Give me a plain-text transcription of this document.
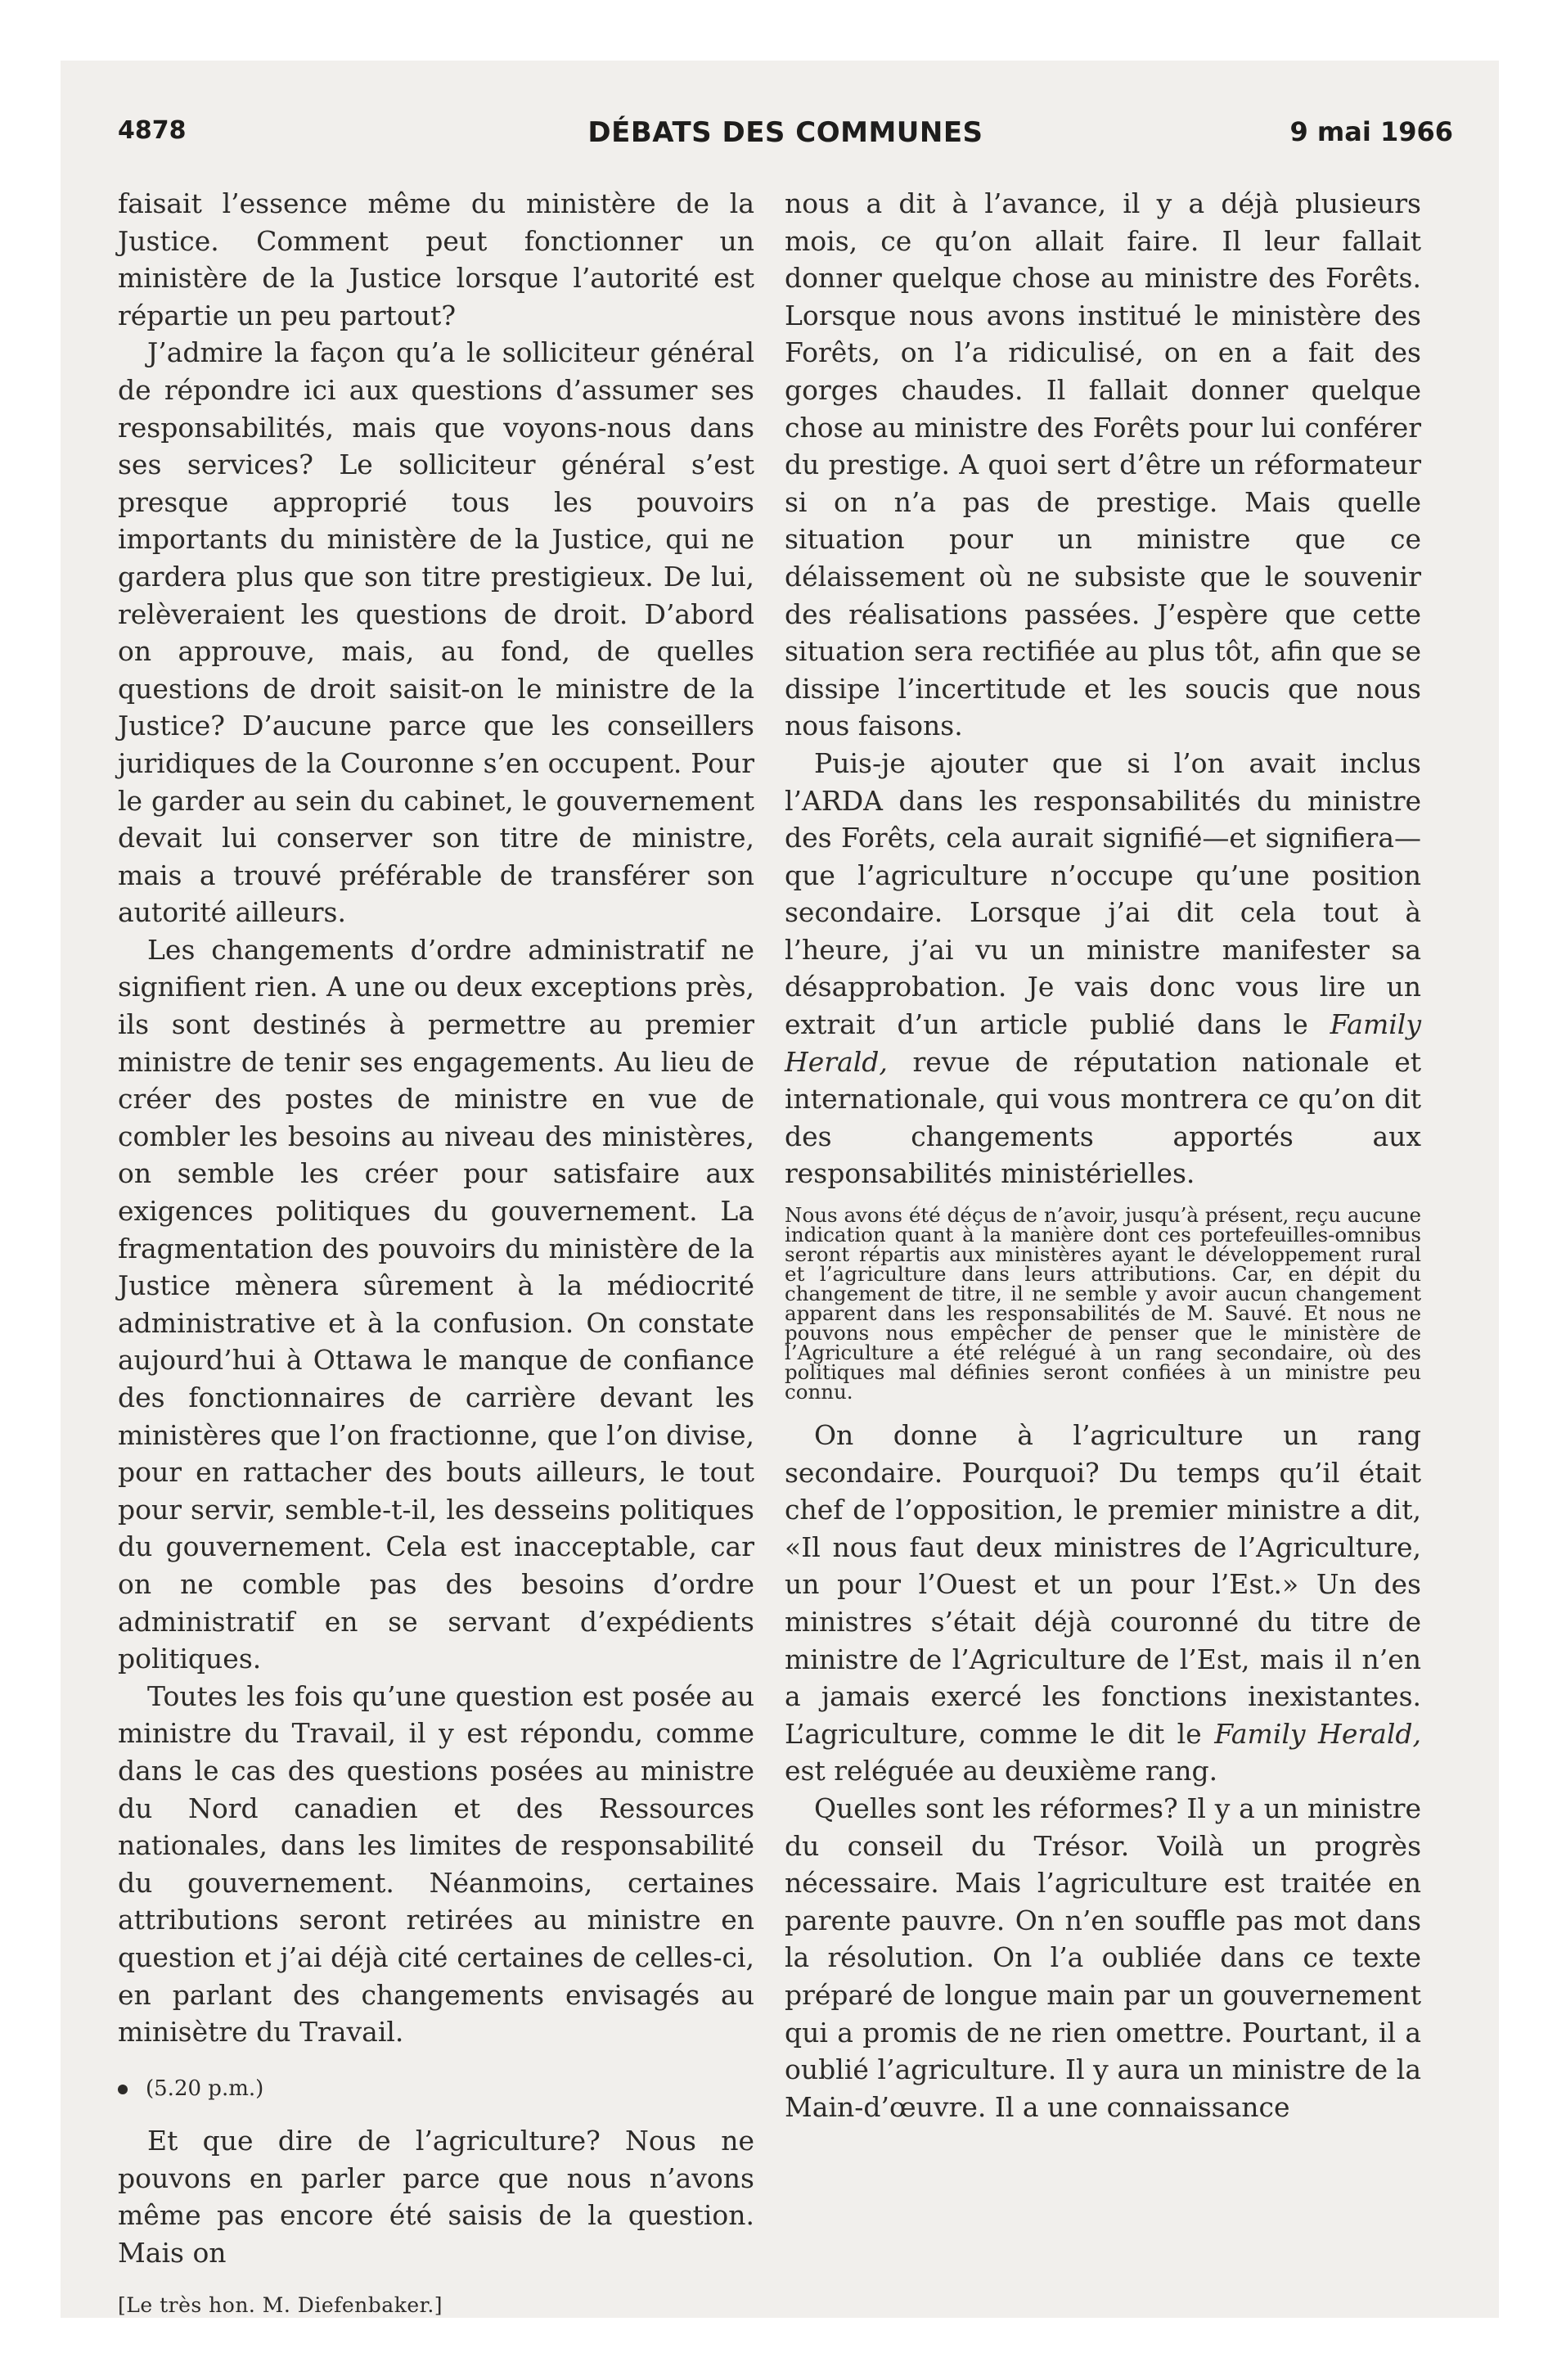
4878	DÉBATS DES COMMUNES	9 mai 1966

faisait l’essence même du ministère de la Justice. Comment peut fonctionner un ministère de la Justice lorsque l’autorité est répartie un peu partout?

J’admire la façon qu’a le solliciteur général de répondre ici aux questions d’assumer ses responsabilités, mais que voyons-nous dans ses services? Le solliciteur général s’est presque approprié tous les pouvoirs importants du ministère de la Justice, qui ne gardera plus que son titre prestigieux. De lui, relèveraient les questions de droit. D’abord on approuve, mais, au fond, de quelles questions de droit saisit-on le ministre de la Justice? D’aucune parce que les conseillers juridiques de la Couronne s’en occupent. Pour le garder au sein du cabinet, le gouvernement devait lui conserver son titre de ministre, mais a trouvé préférable de transférer son autorité ailleurs.

Les changements d’ordre administratif ne signifient rien. A une ou deux exceptions près, ils sont destinés à permettre au premier ministre de tenir ses engagements. Au lieu de créer des postes de ministre en vue de combler les besoins au niveau des ministères, on semble les créer pour satisfaire aux exigences politiques du gouvernement. La fragmentation des pouvoirs du ministère de la Justice mènera sûrement à la médiocrité administrative et à la confusion. On constate aujourd’hui à Ottawa le manque de confiance des fonctionnaires de carrière devant les ministères que l’on fractionne, que l’on divise, pour en rattacher des bouts ailleurs, le tout pour servir, semble-t-il, les desseins politiques du gouvernement. Cela est inacceptable, car on ne comble pas des besoins d’ordre administratif en se servant d’expédients politiques.

Toutes les fois qu’une question est posée au ministre du Travail, il y est répondu, comme dans le cas des questions posées au ministre du Nord canadien et des Ressources nationales, dans les limites de responsabilité du gouvernement. Néanmoins, certaines attributions seront retirées au ministre en question et j’ai déjà cité certaines de celles-ci, en parlant des changements envisagés au minisètre du Travail.

(5.20 p.m.)

Et que dire de l’agriculture? Nous ne pouvons en parler parce que nous n’avons même pas encore été saisis de la question. Mais on

[Le très hon. M. Diefenbaker.]

nous a dit à l’avance, il y a déjà plusieurs mois, ce qu’on allait faire. Il leur fallait donner quelque chose au ministre des Forêts. Lorsque nous avons institué le ministère des Forêts, on l’a ridiculisé, on en a fait des gorges chaudes. Il fallait donner quelque chose au ministre des Forêts pour lui conférer du prestige. A quoi sert d’être un réformateur si on n’a pas de prestige. Mais quelle situation pour un ministre que ce délaissement où ne subsiste que le souvenir des réalisations passées. J’espère que cette situation sera rectifiée au plus tôt, afin que se dissipe l’incertitude et les soucis que nous nous faisons.

Puis-je ajouter que si l’on avait inclus l’ARDA dans les responsabilités du ministre des Forêts, cela aurait signifié—et signifiera—que l’agriculture n’occupe qu’une position secondaire. Lorsque j’ai dit cela tout à l’heure, j’ai vu un ministre manifester sa désapprobation. Je vais donc vous lire un extrait d’un article publié dans le Family Herald, revue de réputation nationale et internationale, qui vous montrera ce qu’on dit des changements apportés aux responsabilités ministérielles.

Nous avons été déçus de n’avoir, jusqu’à présent, reçu aucune indication quant à la manière dont ces portefeuilles-omnibus seront répartis aux ministères ayant le développement rural et l’agriculture dans leurs attributions. Car, en dépit du changement de titre, il ne semble y avoir aucun changement apparent dans les responsabilités de M. Sauvé. Et nous ne pouvons nous empêcher de penser que le ministère de l’Agriculture a été relégué à un rang secondaire, où des politiques mal définies seront confiées à un ministre peu connu.

On donne à l’agriculture un rang secondaire. Pourquoi? Du temps qu’il était chef de l’opposition, le premier ministre a dit, «Il nous faut deux ministres de l’Agriculture, un pour l’Ouest et un pour l’Est.» Un des ministres s’était déjà couronné du titre de ministre de l’Agriculture de l’Est, mais il n’en a jamais exercé les fonctions inexistantes. L’agriculture, comme le dit le Family Herald, est reléguée au deuxième rang.

Quelles sont les réformes? Il y a un ministre du conseil du Trésor. Voilà un progrès nécessaire. Mais l’agriculture est traitée en parente pauvre. On n’en souffle pas mot dans la résolution. On l’a oubliée dans ce texte préparé de longue main par un gouvernement qui a promis de ne rien omettre. Pourtant, il a oublié l’agriculture. Il y aura un ministre de la Main-d’œuvre. Il a une connaissance
